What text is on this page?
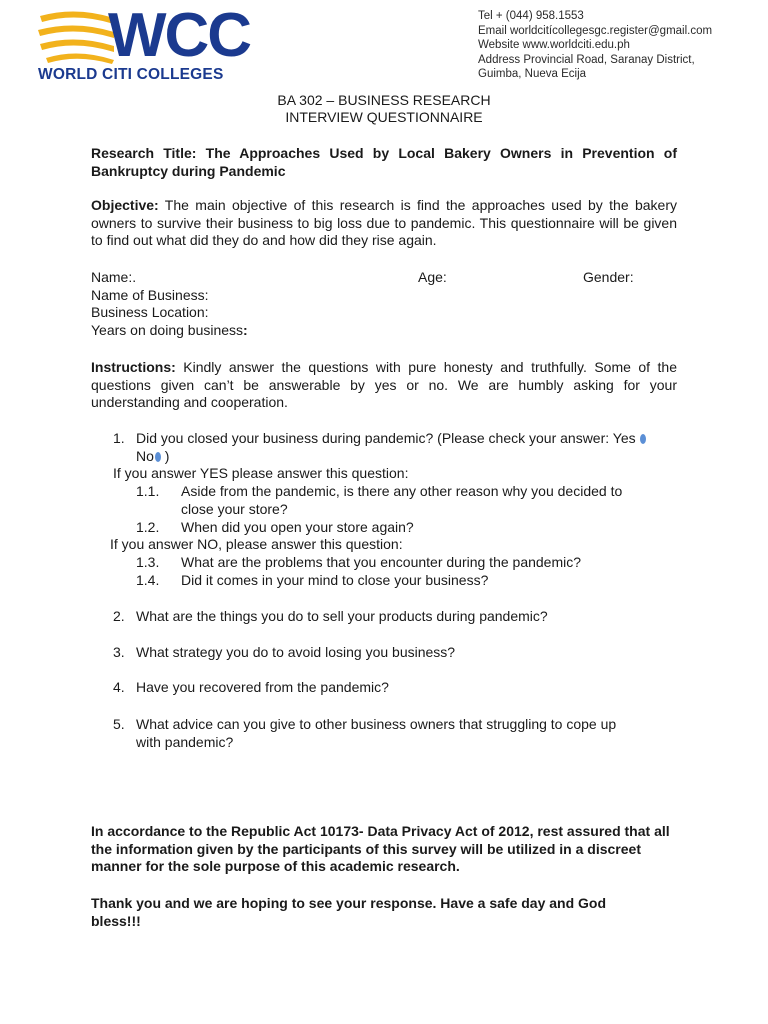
WCC
WORLD CITI COLLEGES
Tel + (044) 958.1553
Email worldcitícollegesgc.register@gmail.com
Website www.worldciti.edu.ph
Address Provincial Road, Saranay District,
Guimba, Nueva Ecija
BA 302 – BUSINESS RESEARCH
INTERVIEW QUESTIONNAIRE
Research Title: The Approaches Used by Local Bakery Owners in Prevention of Bankruptcy during Pandemic
Objective: The main objective of this research is find the approaches used by the bakery owners to survive their business to big loss due to pandemic. This questionnaire will be given to find out what did they do and how did they rise again.
Name:.	Age:	Gender:
Name of Business:
Business Location:
Years on doing business:
Instructions: Kindly answer the questions with pure honesty and truthfully. Some of the questions given can’t be answerable by yes or no. We are humbly asking for your understanding and cooperation.
1. Did you closed your business during pandemic? (Please check your answer: Yes
No )
If you answer YES please answer this question:
1.1. Aside from the pandemic, is there any other reason why you decided to
close your store?
1.2. When did you open your store again?
If you answer NO, please answer this question:
1.3. What are the problems that you encounter during the pandemic?
1.4. Did it comes in your mind to close your business?
2. What are the things you do to sell your products during pandemic?
3. What strategy you do to avoid losing you business?
4. Have you recovered from the pandemic?
5. What advice can you give to other business owners that struggling to cope up
with pandemic?
In accordance to the Republic Act 10173- Data Privacy Act of 2012, rest assured that all the information given by the participants of this survey will be utilized in a discreet manner for the sole purpose of this academic research.
Thank you and we are hoping to see your response. Have a safe day and God bless!!!
